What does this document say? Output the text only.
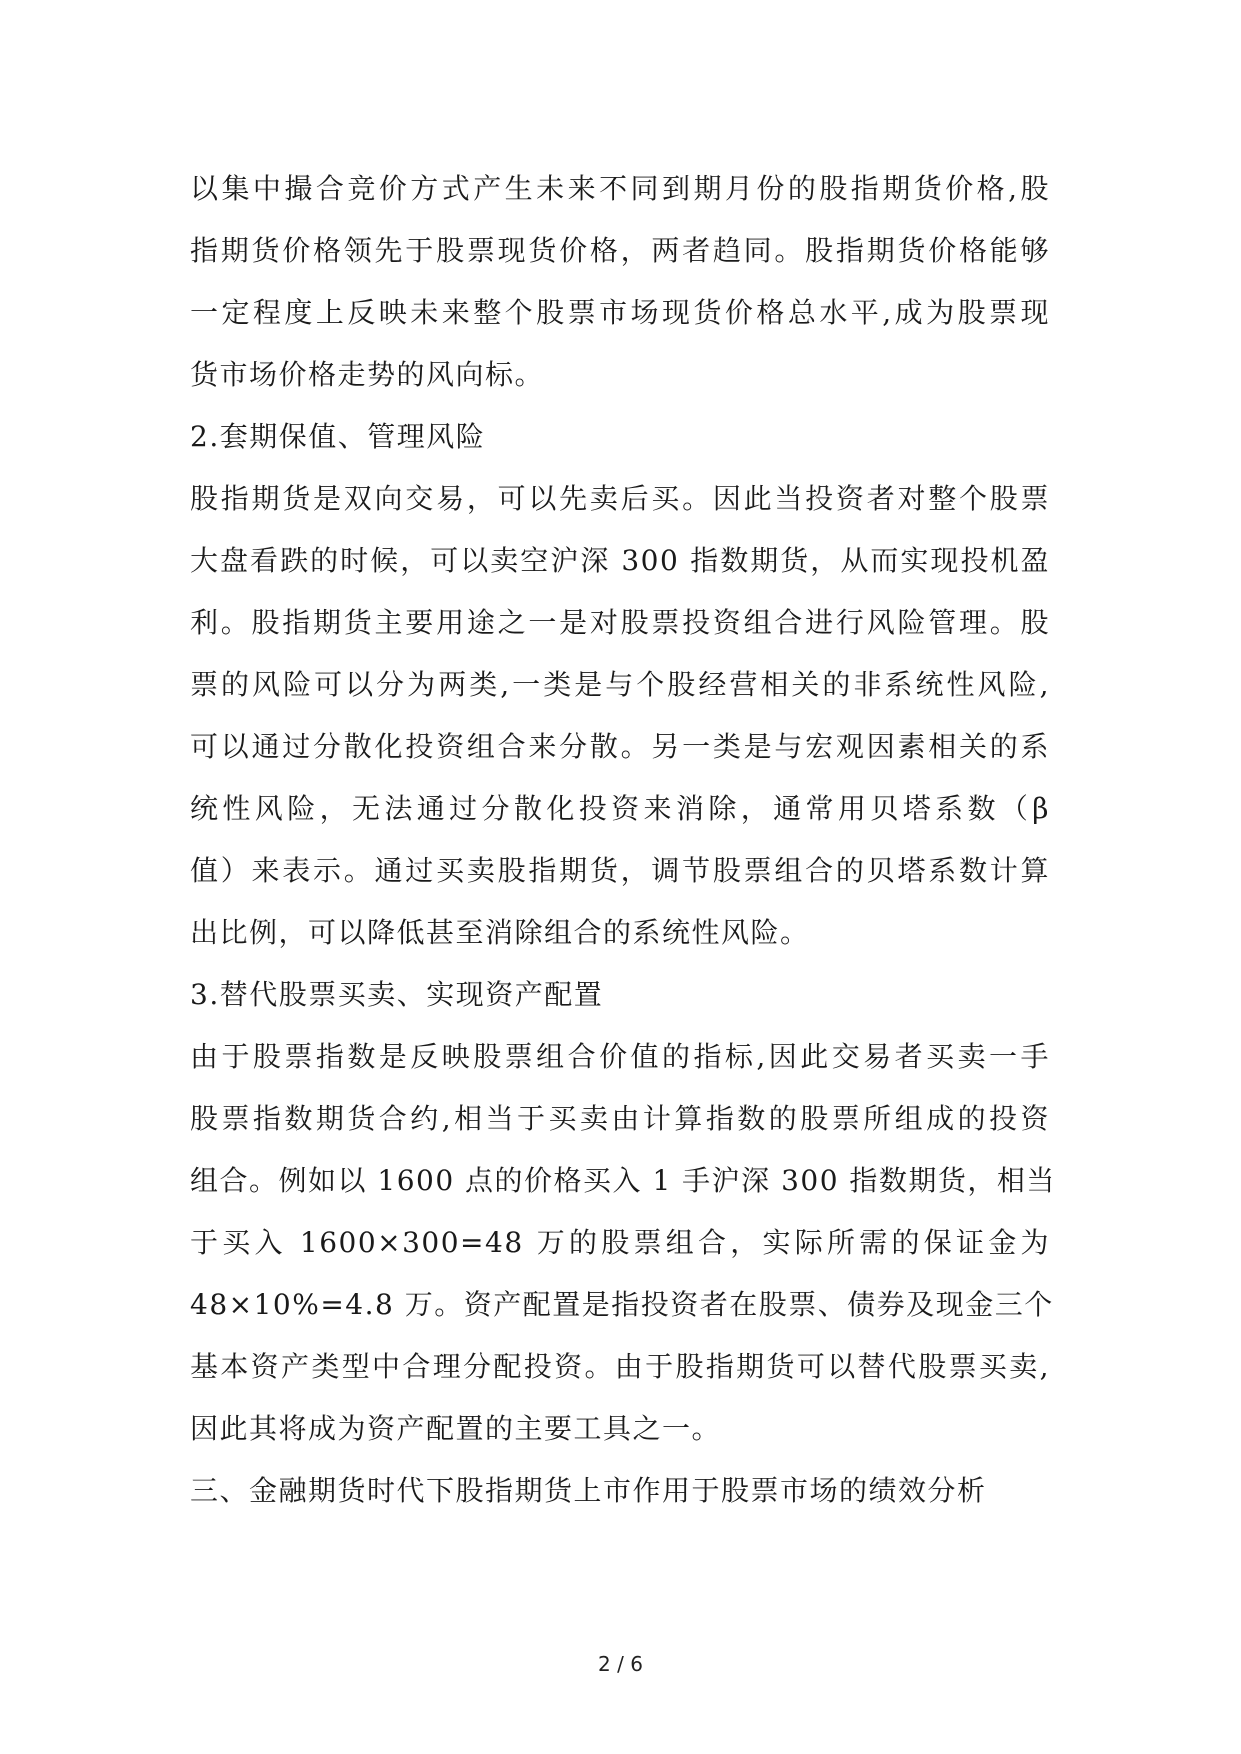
以集中撮合竞价方式产生未来不同到期月份的股指期货价格,股
指期货价格领先于股票现货价格，两者趋同。股指期货价格能够
一定程度上反映未来整个股票市场现货价格总水平,成为股票现
货市场价格走势的风向标。
2.套期保值、管理风险
股指期货是双向交易，可以先卖后买。因此当投资者对整个股票
大盘看跌的时候，可以卖空沪深 300 指数期货，从而实现投机盈
利。股指期货主要用途之一是对股票投资组合进行风险管理。股
票的风险可以分为两类,一类是与个股经营相关的非系统性风险,
可以通过分散化投资组合来分散。另一类是与宏观因素相关的系
统性风险，无法通过分散化投资来消除，通常用贝塔系数（β
值）来表示。通过买卖股指期货，调节股票组合的贝塔系数计算
出比例，可以降低甚至消除组合的系统性风险。
3.替代股票买卖、实现资产配置
由于股票指数是反映股票组合价值的指标,因此交易者买卖一手
股票指数期货合约,相当于买卖由计算指数的股票所组成的投资
组合。例如以 1600 点的价格买入 1 手沪深 300 指数期货，相当
于买入 1600×300=48 万的股票组合，实际所需的保证金为
48×10%=4.8 万。资产配置是指投资者在股票、债券及现金三个
基本资产类型中合理分配投资。由于股指期货可以替代股票买卖,
因此其将成为资产配置的主要工具之一。
三、金融期货时代下股指期货上市作用于股票市场的绩效分析
2 / 6
